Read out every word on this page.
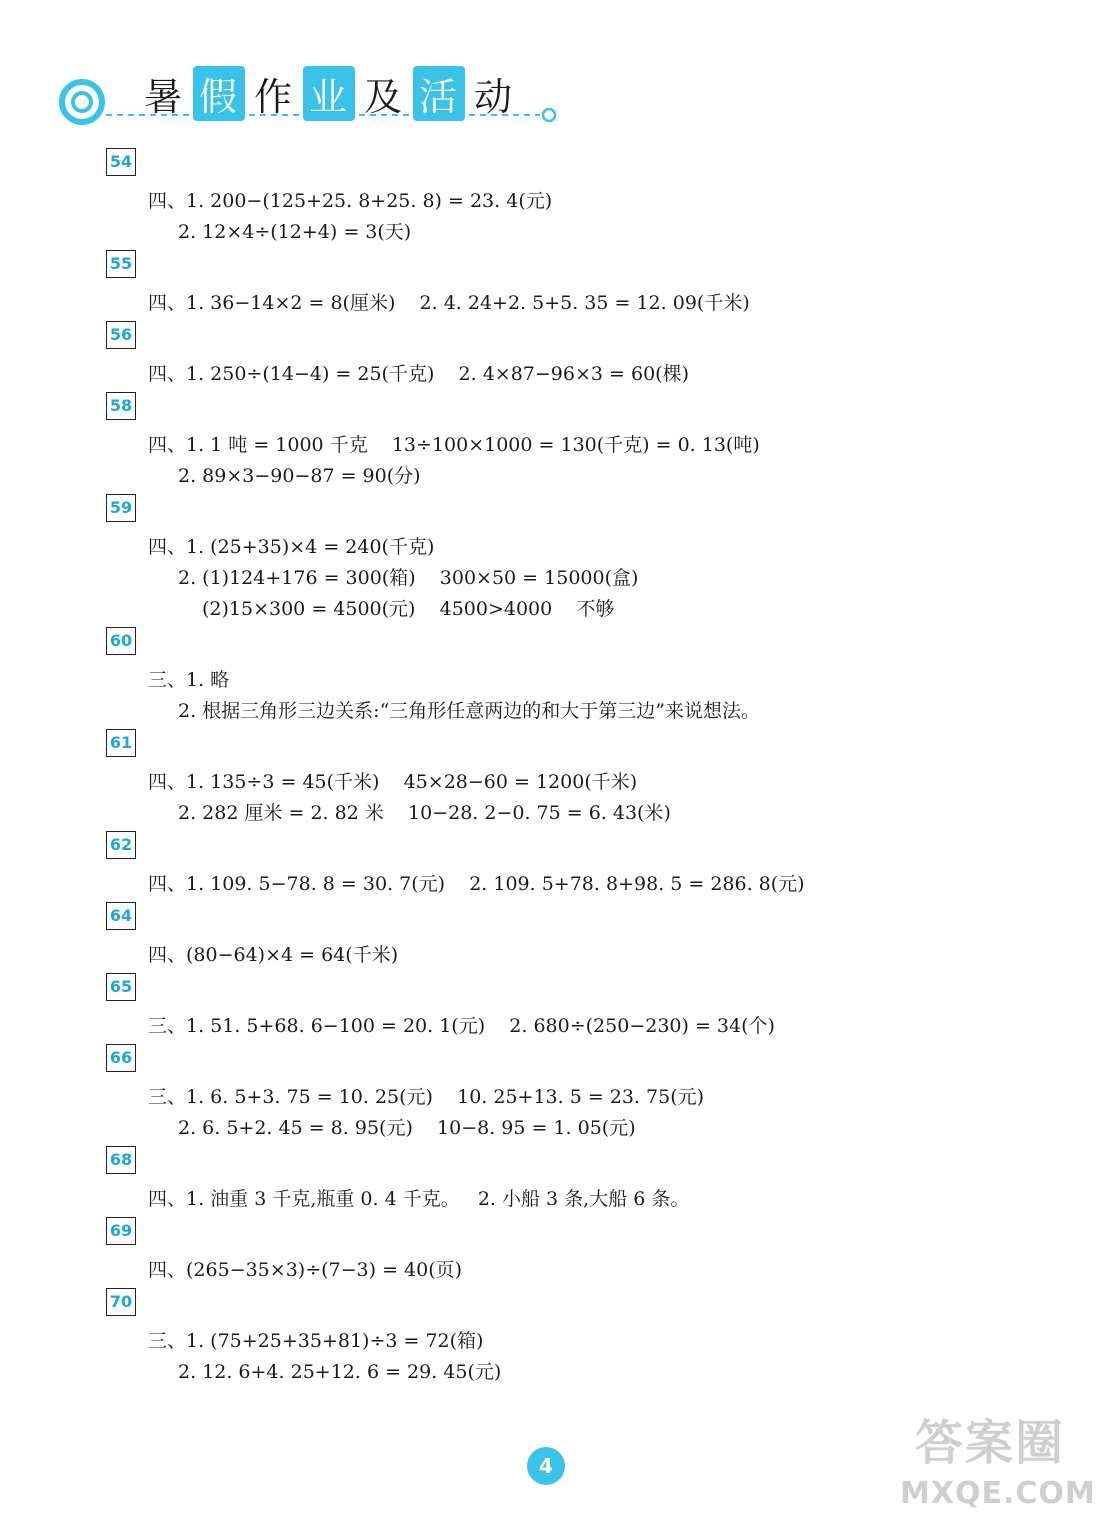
暑 假 作 业 及 活 动
54
四、1. 200−(125+25. 8+25. 8) = 23. 4(元)
2. 12×4÷(12+4) = 3(天)
55
四、1. 36−14×2 = 8(厘米)    2. 4. 24+2. 5+5. 35 = 12. 09(千米)
56
四、1. 250÷(14−4) = 25(千克)    2. 4×87−96×3 = 60(棵)
58
四、1. 1 吨 = 1000 千克    13÷100×1000 = 130(千克) = 0. 13(吨)
2. 89×3−90−87 = 90(分)
59
四、1. (25+35)×4 = 240(千克)
2. (1)124+176 = 300(箱)    300×50 = 15000(盒)
(2)15×300 = 4500(元)    4500>4000    不够
60
三、1. 略
2. 根据三角形三边关系:“三角形任意两边的和大于第三边”来说想法。
61
四、1. 135÷3 = 45(千米)    45×28−60 = 1200(千米)
2. 282 厘米 = 2. 82 米    10−28. 2−0. 75 = 6. 43(米)
62
四、1. 109. 5−78. 8 = 30. 7(元)    2. 109. 5+78. 8+98. 5 = 286. 8(元)
64
四、(80−64)×4 = 64(千米)
65
三、1. 51. 5+68. 6−100 = 20. 1(元)    2. 680÷(250−230) = 34(个)
66
三、1. 6. 5+3. 75 = 10. 25(元)    10. 25+13. 5 = 23. 75(元)
2. 6. 5+2. 45 = 8. 95(元)    10−8. 95 = 1. 05(元)
68
四、1. 油重 3 千克,瓶重 0. 4 千克。   2. 小船 3 条,大船 6 条。
69
四、(265−35×3)÷(7−3) = 40(页)
70
三、1. (75+25+35+81)÷3 = 72(箱)
2. 12. 6+4. 25+12. 6 = 29. 45(元)
4	答案圈
MXQE.COM
